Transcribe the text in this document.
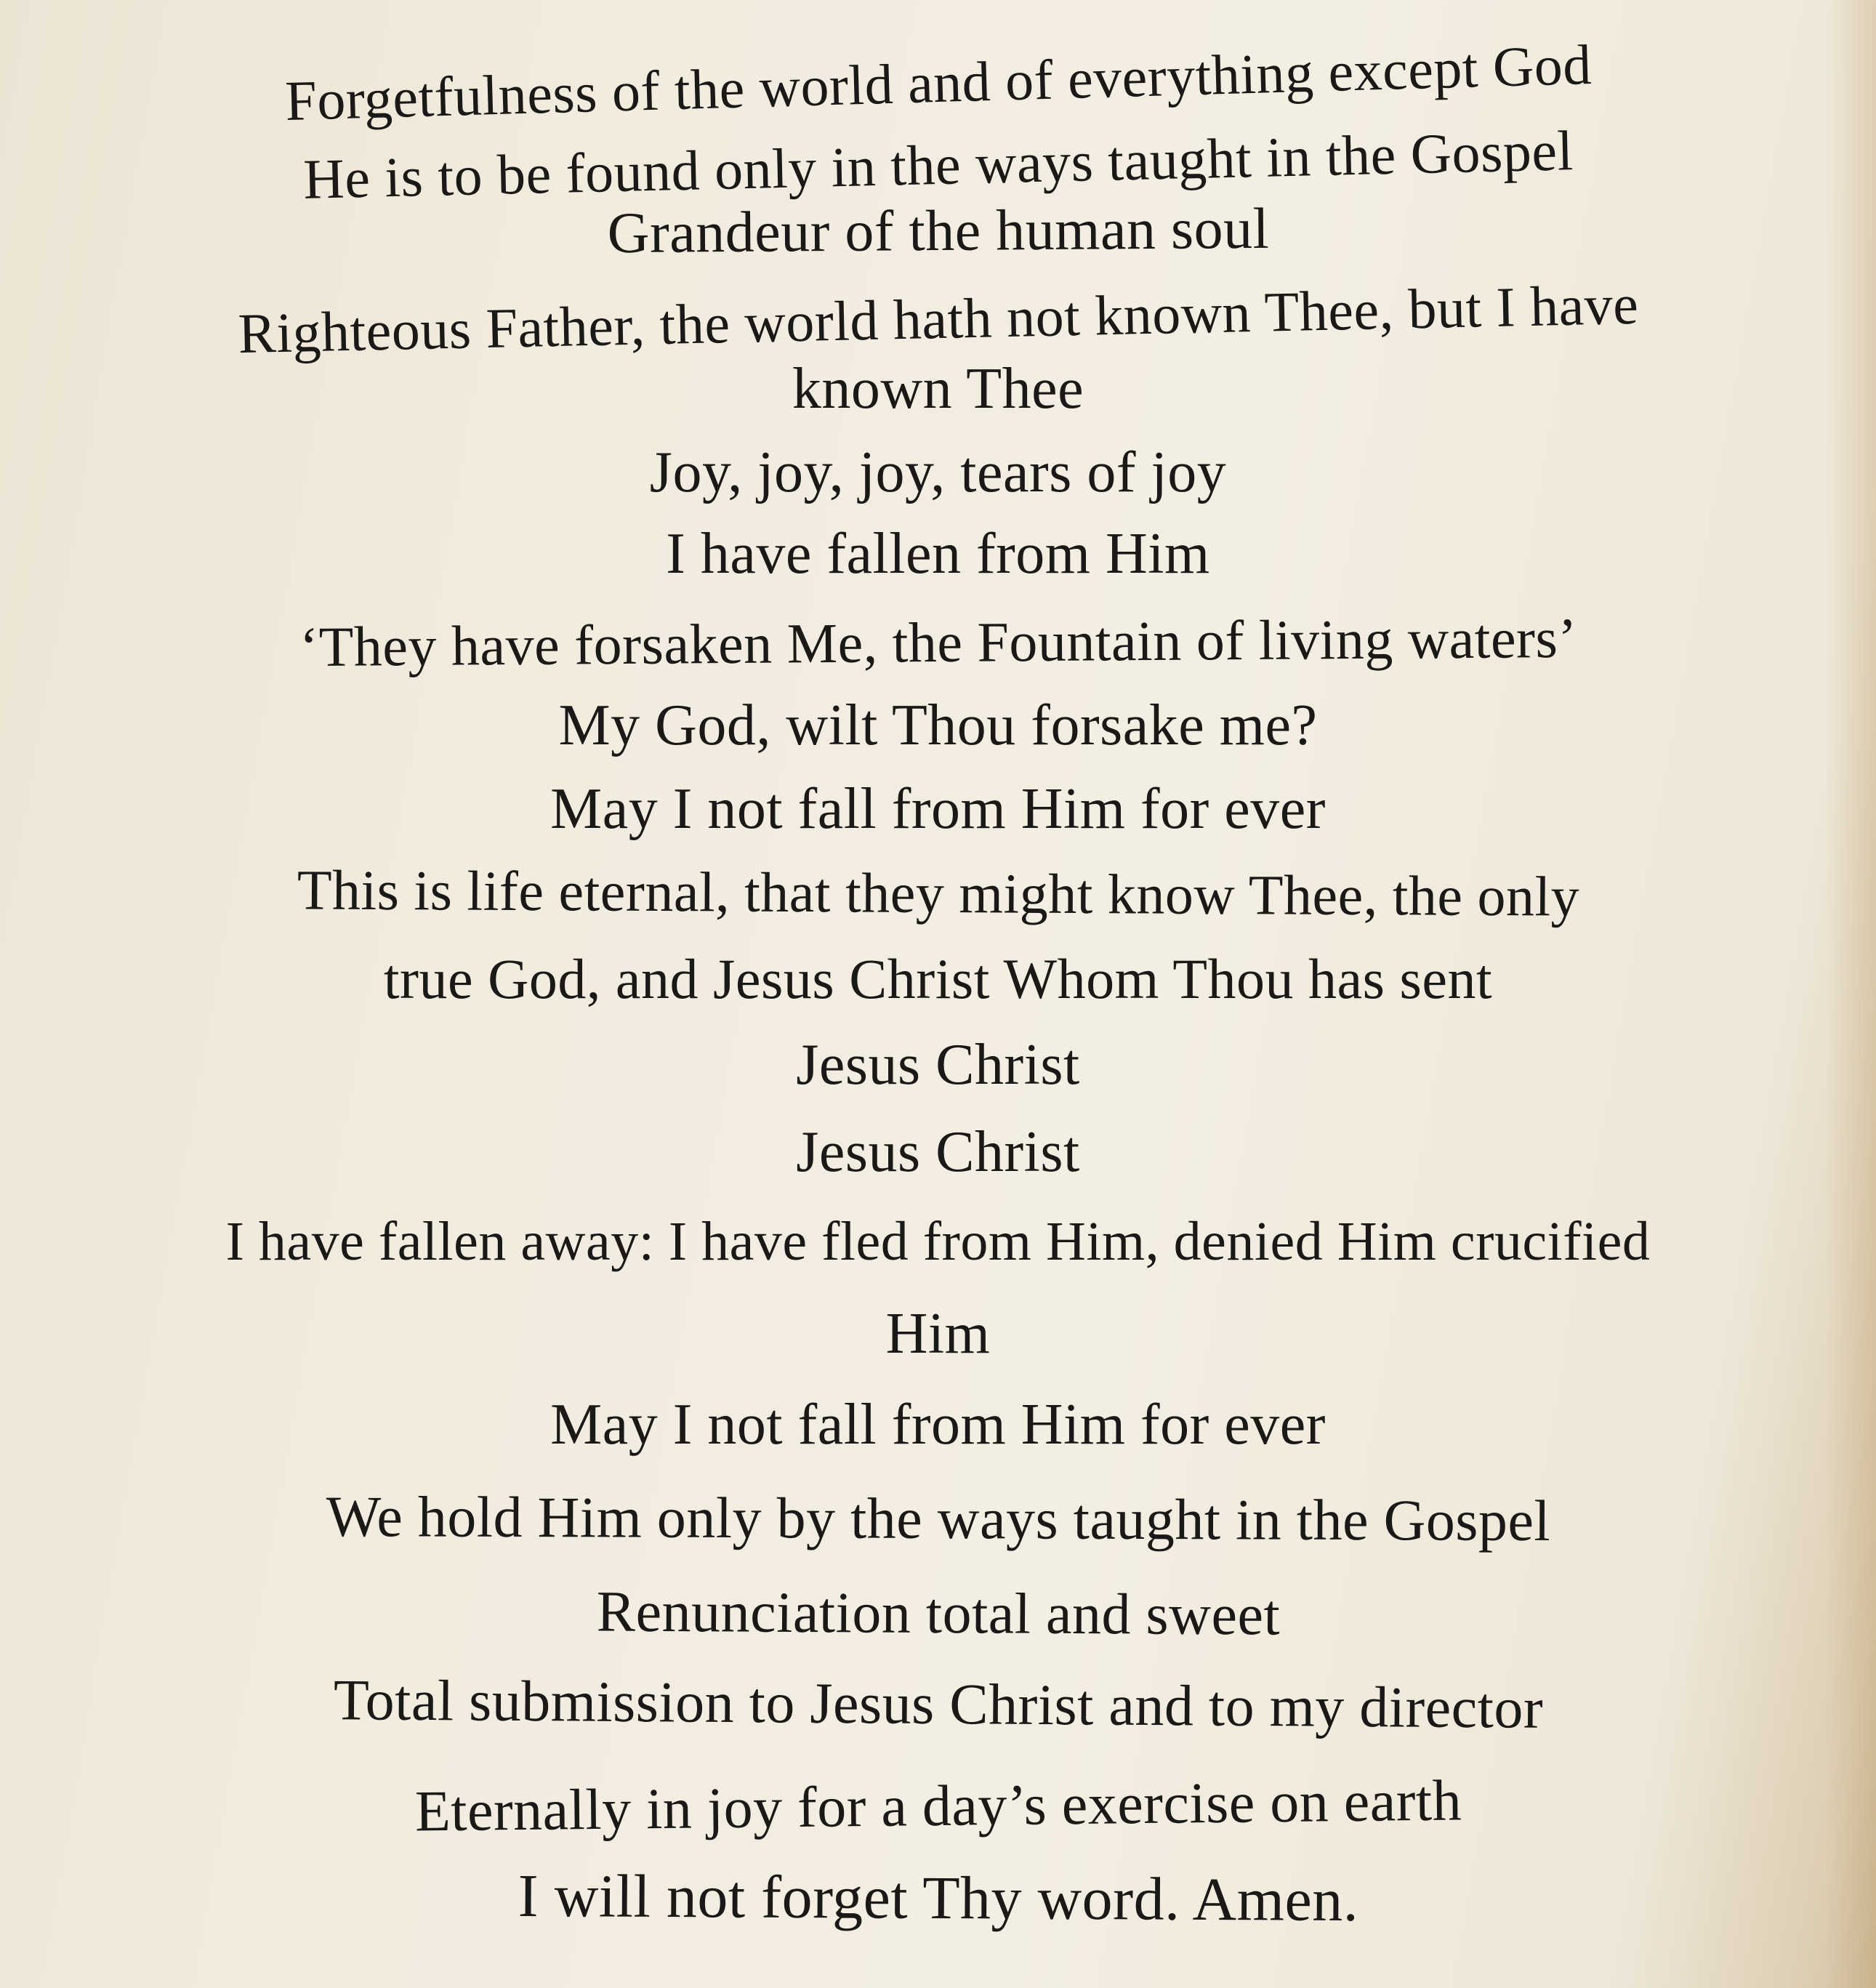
Forgetfulness of the world and of everything except God
He is to be found only in the ways taught in the Gospel
Grandeur of the human soul
Righteous Father, the world hath not known Thee, but I have
known Thee
Joy, joy, joy, tears of joy
I have fallen from Him
‘They have forsaken Me, the Fountain of living waters’
My God, wilt Thou forsake me?
May I not fall from Him for ever
This is life eternal, that they might know Thee, the only
true God, and Jesus Christ Whom Thou has sent
Jesus Christ
Jesus Christ
I have fallen away: I have fled from Him, denied Him crucified
Him
May I not fall from Him for ever
We hold Him only by the ways taught in the Gospel
Renunciation total and sweet
Total submission to Jesus Christ and to my director
Eternally in joy for a day’s exercise on earth
I will not forget Thy word. Amen.
